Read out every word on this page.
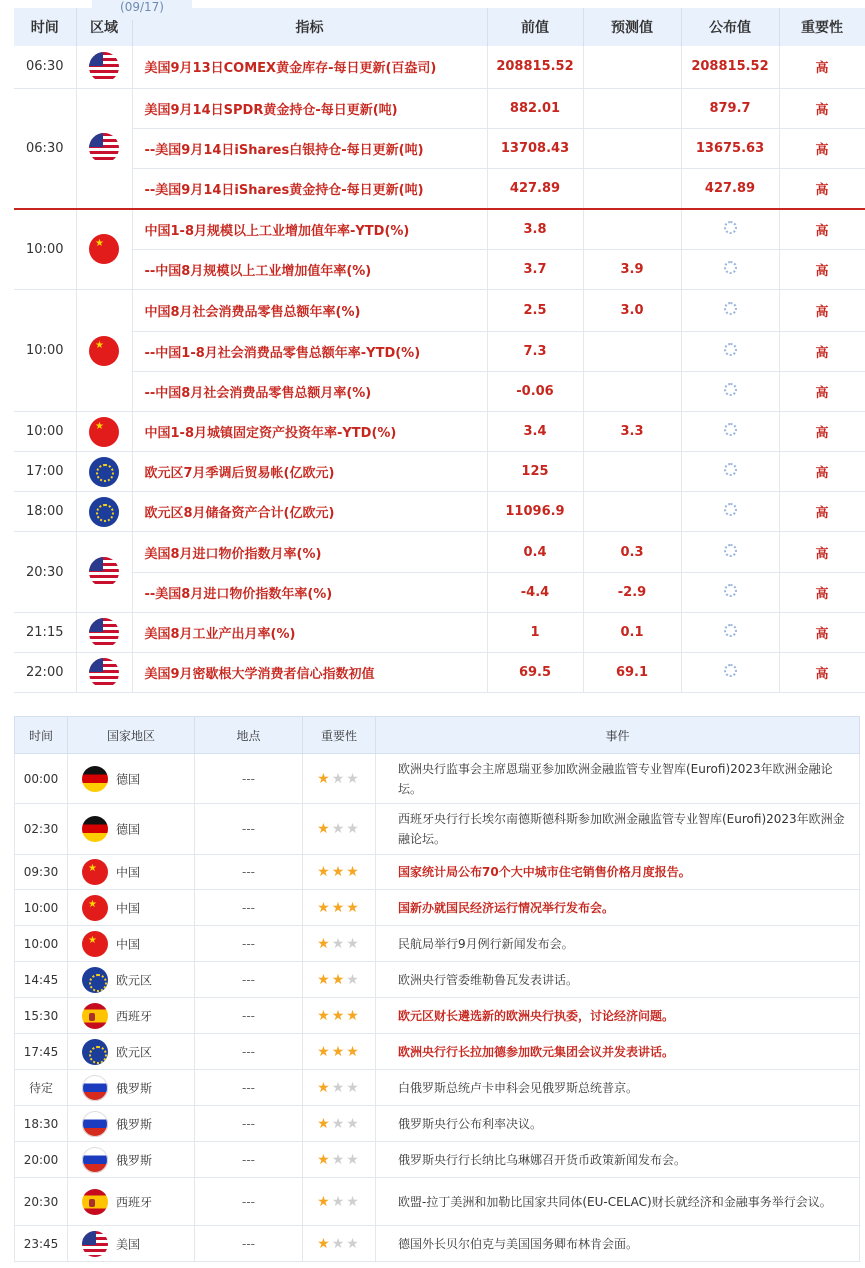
(09/17)
时间	区域	指标	前值	预测值	公布值	重要性
06:30		美国9月13日COMEX黄金库存-每日更新(百盎司)	208815.52		208815.52	高
06:30		美国9月14日SPDR黄金持仓-每日更新(吨)	882.01		879.7	高
		--美国9月14日iShares白银持仓-每日更新(吨)	13708.43		13675.63	高
		--美国9月14日iShares黄金持仓-每日更新(吨)	427.89		427.89	高
10:00	★	中国1-8月规模以上工业增加值年率-YTD(%)	3.8			高
		--中国8月规模以上工业增加值年率(%)	3.7	3.9		高
10:00	★	中国8月社会消费品零售总额年率(%)	2.5	3.0		高
		--中国1-8月社会消费品零售总额年率-YTD(%)	7.3			高
		--中国8月社会消费品零售总额月率(%)	-0.06			高
10:00	★	中国1-8月城镇固定资产投资年率-YTD(%)	3.4	3.3		高
17:00		欧元区7月季调后贸易帐(亿欧元)	125			高
18:00		欧元区8月储备资产合计(亿欧元)	11096.9			高
20:30		美国8月进口物价指数月率(%)	0.4	0.3		高
		--美国8月进口物价指数年率(%)	-4.4	-2.9		高
21:15		美国8月工业产出月率(%)	1	0.1		高
22:00		美国9月密歇根大学消费者信心指数初值	69.5	69.1		高
时间	国家地区	地点	重要性	事件
00:00	德国	---	★★★	欧洲央行监事会主席恩瑞亚参加欧洲金融监管专业智库(Eurofi)2023年欧洲金融论坛。
02:30	德国	---	★★★	西班牙央行行长埃尔南德斯德科斯参加欧洲金融监管专业智库(Eurofi)2023年欧洲金融论坛。
09:30	★中国	---	★★★	国家统计局公布70个大中城市住宅销售价格月度报告。
10:00	★中国	---	★★★	国新办就国民经济运行情况举行发布会。
10:00	★中国	---	★★★	民航局举行9月例行新闻发布会。
14:45	欧元区	---	★★★	欧洲央行管委维勒鲁瓦发表讲话。
15:30	西班牙	---	★★★	欧元区财长遴选新的欧洲央行执委，讨论经济问题。
17:45	欧元区	---	★★★	欧洲央行行长拉加德参加欧元集团会议并发表讲话。
待定	俄罗斯	---	★★★	白俄罗斯总统卢卡申科会见俄罗斯总统普京。
18:30	俄罗斯	---	★★★	俄罗斯央行公布利率决议。
20:00	俄罗斯	---	★★★	俄罗斯央行行长纳比乌琳娜召开货币政策新闻发布会。
20:30	西班牙	---	★★★	欧盟-拉丁美洲和加勒比国家共同体(EU-CELAC)财长就经济和金融事务举行会议。
23:45	美国	---	★★★	德国外长贝尔伯克与美国国务卿布林肯会面。
